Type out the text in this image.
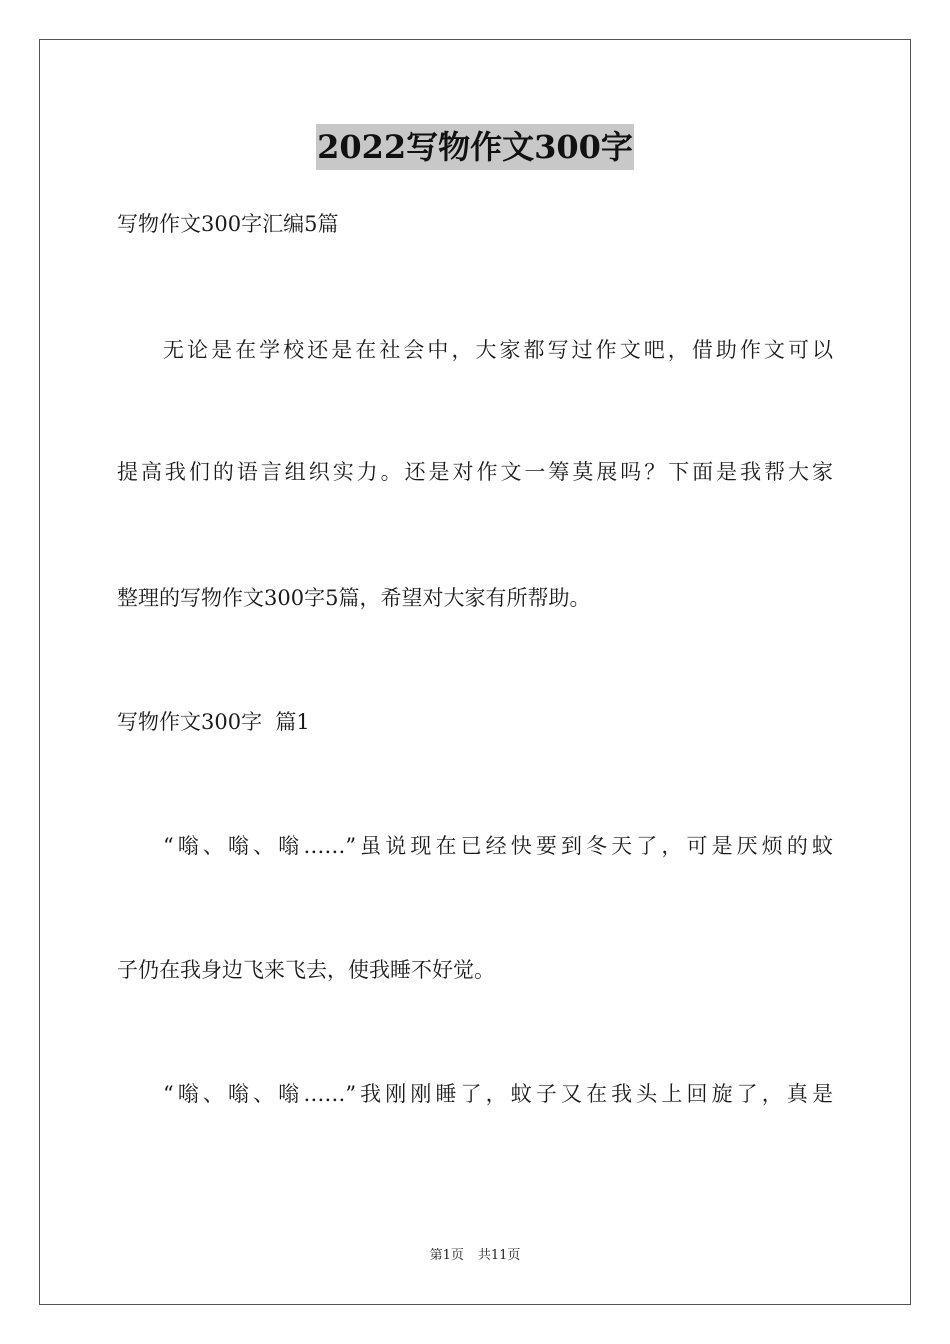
2022写物作文300字
写物作文300字汇编5篇
无论是在学校还是在社会中，大家都写过作文吧，借助作文可以
提高我们的语言组织实力。还是对作文一筹莫展吗？下面是我帮大家
整理的写物作文300字5篇，希望对大家有所帮助。
写物作文300字  篇1
“嗡、嗡、嗡……”虽说现在已经快要到冬天了，可是厌烦的蚊
子仍在我身边飞来飞去，使我睡不好觉。
“嗡、嗡、嗡……”我刚刚睡了，蚊子又在我头上回旋了，真是
第1页 共11页
